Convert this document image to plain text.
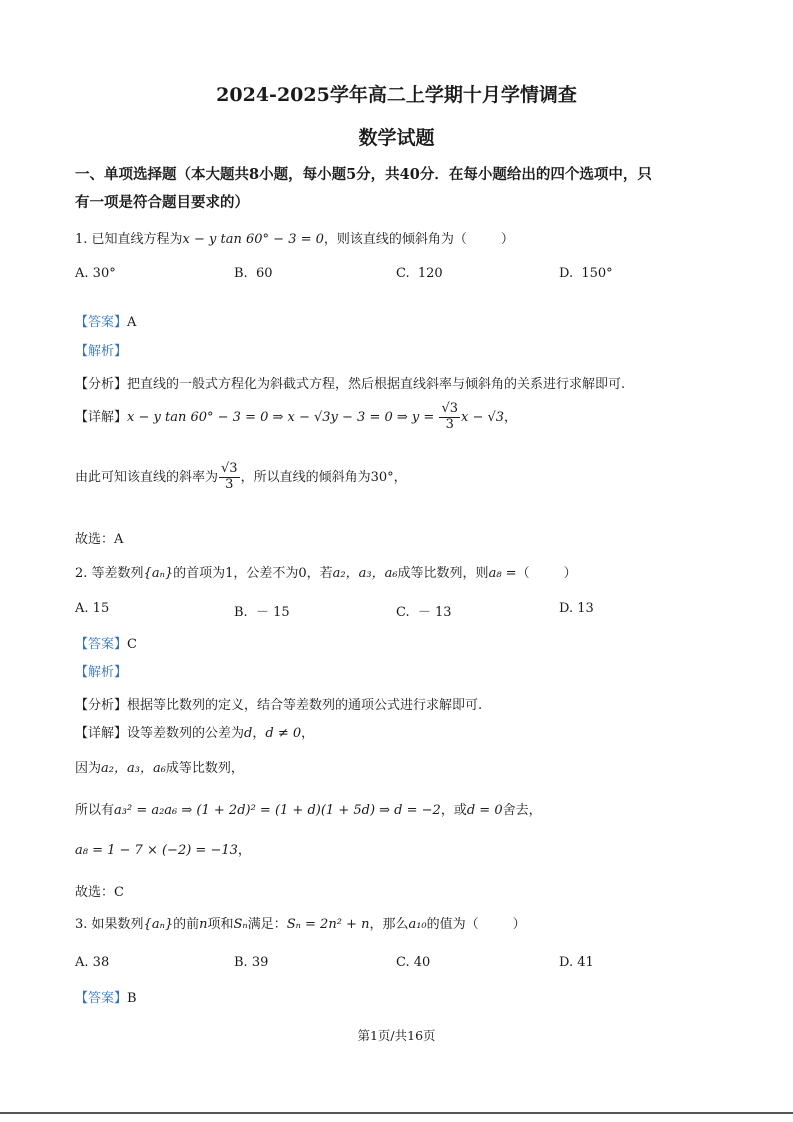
2024-2025学年高二上学期十月学情调查
数学试题
一、单项选择题（本大题共8小题，每小题5分，共40分．在每小题给出的四个选项中，只
有一项是符合题目要求的）
1. 已知直线方程为x − y tan 60° − 3 = 0，则该直线的倾斜角为（	）
A. 30°	B. 60	C. 120	D. 150°
【答案】A
【解析】
【分析】把直线的一般式方程化为斜截式方程，然后根据直线斜率与倾斜角的关系进行求解即可.
【详解】x − y tan 60° − 3 = 0 ⇒ x − √3y − 3 = 0 ⇒ $y = \frac{√3}{3}$ x − √3，
由此可知该直线的斜率为 $\frac{√3}{3}$ ，所以直线的倾斜角为30°，
故选：A
2. 等差数列{aₙ}的首项为1，公差不为0，若a₂，a₃，a₆成等比数列，则a₈ =（	）
A. 15	B. － 15	C. － 13	D. 13
【答案】C
【解析】
【分析】根据等比数列的定义，结合等差数列的通项公式进行求解即可.
【详解】设等差数列的公差为d，d ≠ 0，
因为a₂，a₃，a₆成等比数列，
所以有a₃² = a₂a₆ ⇒ (1 + 2d)² = (1 + d)(1 + 5d) ⇒ d = −2，或d = 0舍去，
a₈ = 1 − 7 × (−2) = −13，
故选：C
3. 如果数列{aₙ}的前n项和Sₙ满足：Sₙ = 2n² + n，那么a₁₀的值为（	）
A. 38	B. 39	C. 40	D. 41
【答案】B
第1页/共16页
